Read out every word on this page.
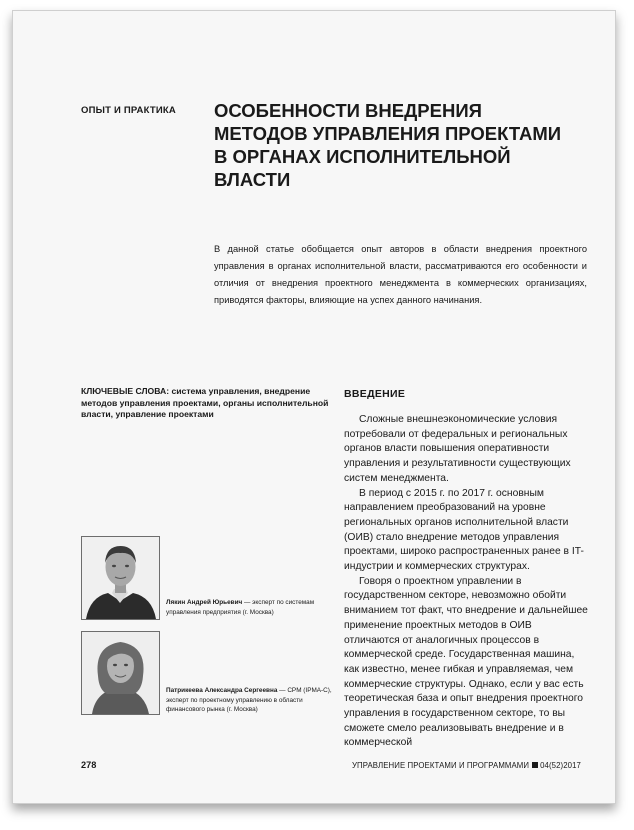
ОПЫТ И ПРАКТИКА ОСОБЕННОСТИ ВНЕДРЕНИЯ МЕТОДОВ УПРАВЛЕНИЯ ПРОЕКТАМИ В ОРГАНАХ ИСПОЛНИТЕЛЬНОЙ ВЛАСТИ

В данной статье обобщается опыт авторов в области внедрения проектного управления в органах исполнительной власти, рассматриваются его особенности и отличия от внедрения проектного менеджмента в коммерческих организациях, приводятся факторы, влияющие на успех данного начинания.

КЛЮЧЕВЫЕ СЛОВА: система управления, внедрение методов управления проектами, органы исполнительной власти, управление проектами

Лякин Андрей Юрьевич — эксперт по системам управления предприятия (г. Москва)

Патрикеева Александра Сергеевна — CPM (IPMA-C), эксперт по проектному управлению в области финансового рынка (г. Москва)

ВВЕДЕНИЕ

Сложные внешнеэкономические условия потребовали от федеральных и региональных органов власти повышения оперативности управления и результативности существующих систем менеджмента.

В период с 2015 г. по 2017 г. основным направлением преобразований на уровне региональных органов исполнительной власти (ОИВ) стало внедрение методов управления проектами, широко распространенных ранее в IT-индустрии и коммерческих структурах.

Говоря о проектном управлении в государственном секторе, невозможно обойти вниманием тот факт, что внедрение и дальнейшее применение проектных методов в ОИВ отличаются от аналогичных процессов в коммерческой среде. Государственная машина, как известно, менее гибкая и управляемая, чем коммерческие структуры. Однако, если у вас есть теоретическая база и опыт внедрения проектного управления в государственном секторе, то вы сможете смело реализовывать внедрение и в коммерческой

278	УПРАВЛЕНИЕ ПРОЕКТАМИ И ПРОГРАММАМИ 04(52)2017
